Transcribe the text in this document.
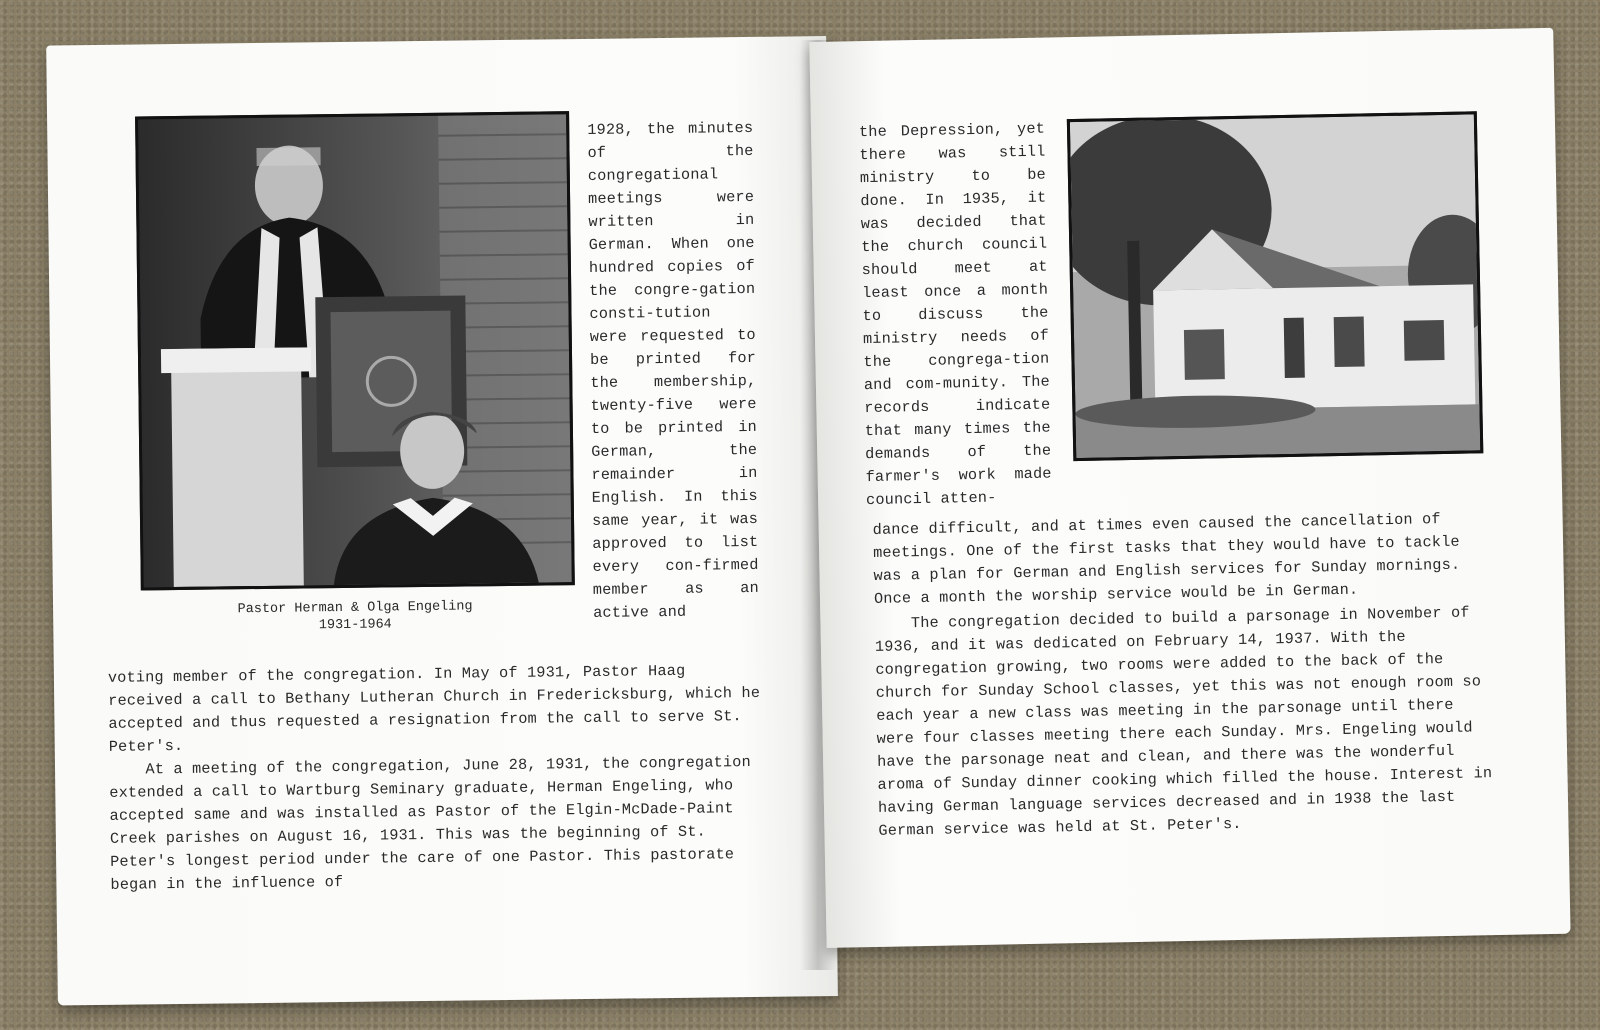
Pastor Herman & Olga Engeling
1931-1964
1928, the minutes of the congregational meetings were written in German. When one hundred copies of the congre-gation consti-tution were requested to be printed for the membership, twenty-five were to be printed in German, the remainder in English. In this same year, it was approved to list every con-firmed member as an active and
voting member of the congregation. In May of 1931, Pastor Haag received a call to Bethany Lutheran Church in Fredericksburg, which he accepted and thus requested a resignation from the call to serve St. Peter's.
At a meeting of the congregation, June 28, 1931, the congregation extended a call to Wartburg Seminary graduate, Herman Engeling, who accepted same and was installed as Pastor of the Elgin-McDade-Paint Creek parishes on August 16, 1931. This was the beginning of St. Peter's longest period under the care of one Pastor. This pastorate began in the influence of
the Depression, yet there was still ministry to be done. In 1935, it was decided that the church council should meet at least once a month to discuss the ministry needs of the congrega-tion and com-munity. The records indicate that many times the demands of the farmer's work made council atten-
dance difficult, and at times even caused the cancellation of meetings. One of the first tasks that they would have to tackle was a plan for German and English services for Sunday mornings. Once a month the worship service would be in German.
The congregation decided to build a parsonage in November of 1936, and it was dedicated on February 14, 1937. With the congregation growing, two rooms were added to the back of the church for Sunday School classes, yet this was not enough room so each year a new class was meeting in the parsonage until there were four classes meeting there each Sunday. Mrs. Engeling would have the parsonage neat and clean, and there was the wonderful aroma of Sunday dinner cooking which filled the house. Interest in having German language services decreased and in 1938 the last German service was held at St. Peter's.
